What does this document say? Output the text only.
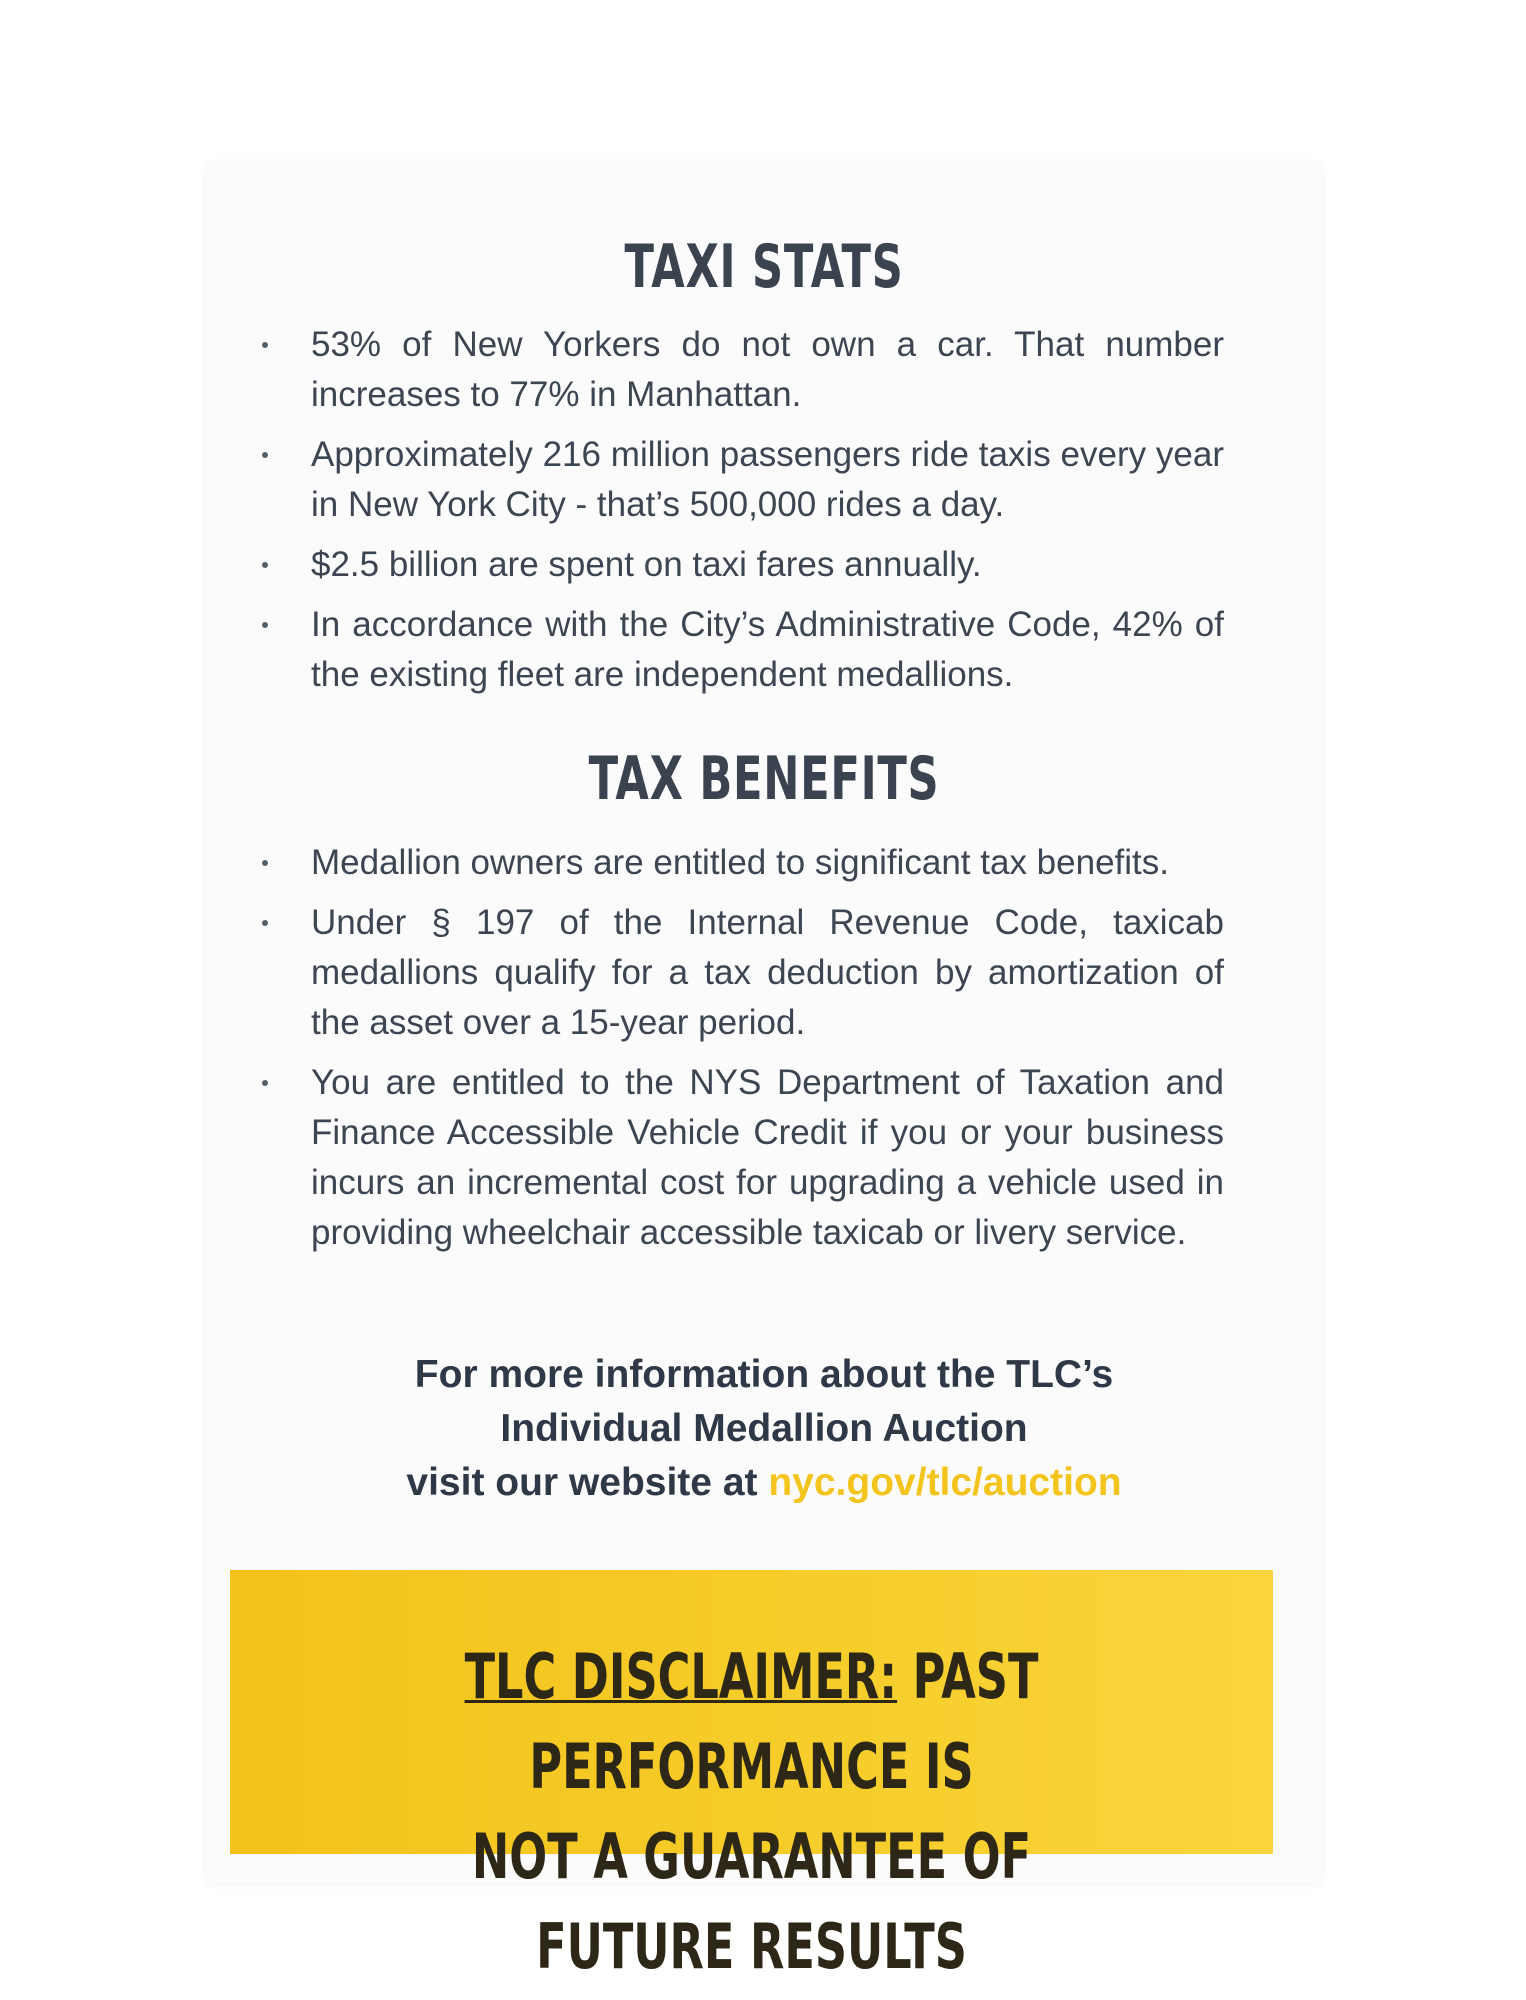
TAXI STATS
53% of New Yorkers do not own a car. That number increases to 77% in Manhattan.
Approximately 216 million passengers ride taxis every year in New York City - that’s 500,000 rides a day.
$2.5 billion are spent on taxi fares annually.
In accordance with the City’s Administrative Code, 42% of the existing fleet are independent medallions.
TAX BENEFITS
Medallion owners are entitled to significant tax benefits.
Under § 197 of the Internal Revenue Code, taxicab medallions qualify for a tax deduction by amortization of the asset over a 15-year period.
You are entitled to the NYS Department of Taxation and Finance Accessible Vehicle Credit if you or your business incurs an incremental cost for upgrading a vehicle used in providing wheelchair accessible taxicab or livery service.
For more information about the TLC’s
Individual Medallion Auction
visit our website at nyc.gov/tlc/auction
TLC DISCLAIMER: PAST PERFORMANCE IS
NOT A GUARANTEE OF FUTURE RESULTS
